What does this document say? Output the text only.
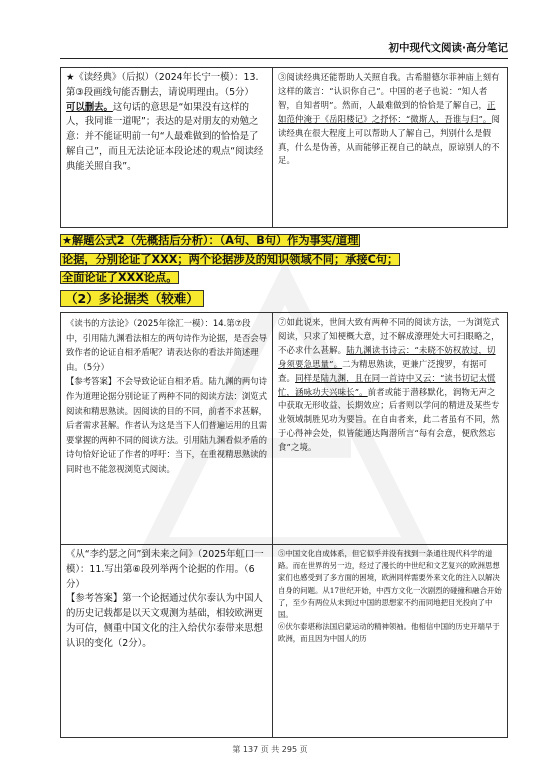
初中现代文阅读·高分笔记
★《读经典》（后拟）（2024年长宁一模）：13.第③段画线句能否删去，请说明理由。（5分）
可以删去。这句话的意思是“如果没有这样的人，我同谁一道呢”；表达的是对朋友的劝勉之意：并不能证明前一句“人最难做到的恰恰是了解自己”，而且无法论证本段论述的观点“阅读经典能关照自我”。
③阅读经典还能帮助人关照自我。古希腊德尔菲神庙上刻有这样的箴言：“认识你自己”。中国的老子也说：“知人者智，自知者明”。然而，人最难做到的恰恰是了解自己，正如范仲淹于《岳阳楼记》之抒怀：“微斯人，吾谁与归”。阅读经典在很大程度上可以帮助人了解自己，判别什么是假真，什么是伪善，从而能够正视自己的缺点，原谅别人的不足。
★解题公式2（先概括后分析）：（A句、B句）作为事实/道理
论据，分别论证了XXX；两个论据涉及的知识领域不同；承接C句；
全面论证了XXX论点。
（2）多论据类（较难）
《读书的方法论》（2025年徐汇一模）：14.第⑦段中，引用陆九渊看法相左的两句诗作为论据，是否会导致作者的论证自相矛盾呢？请表达你的看法并简述理由。（5分）
【参考答案】不会导致论证自相矛盾。陆九渊的两句诗作为道理论据分别论证了两种不同的阅读方法：浏览式阅读和精思熟读。因阅读的目的不同，前者不求甚解，后者需求甚解。作者认为这是当下人们普遍运用的且需要掌握的两种不同的阅读方法。引用陆九渊看似矛盾的诗句恰好论证了作者的呼吁：当下，在重视精思熟读的同时也不能忽视浏览式阅读。
⑦如此说来，世间大致有两种不同的阅读方法，一为浏览式阅读，只求了知梗概大意，过不解成潦理处大可扫眼略之，不必求什么甚解。陆九渊读书诗云：“未晓不妨权放过，切身须要急思量”。二为精思熟读，更兼广泛搜罗，有据可查。同样是陆九渊，且在同一首诗中又云：“读书切记太慌忙，涵咏功夫兴味长”。前者或能于潜移默化，润物无声之中获取无形收益、长期效应；后者则以学问的精进及某些专业领域制胜见功为要旨。在自由者来，此二者虽有不同，然于心得神会处，似皆能通达陶潜所言“每有会意，便欣然忘食”之境。
《从“李约瑟之问”到未来之问》（2025年虹口一模）：11.写出第⑥段列举两个论据的作用。（6分）
【参考答案】第一个论据通过伏尔泰认为中国人的历史记载都是以天文观测为基础，相较欧洲更为可信，侧重中国文化的注入给伏尔泰带来思想认识的变化（2分）。
⑤中国文化自成体系，但它似乎并没有找到一条通往现代科学的道路。而在世界的另一边，经过了漫长的中世纪和文艺复兴的欧洲思想家们也感受到了多方面的困境，欧洲同样需要外来文化的注入以解决自身的问题。从17世纪开始，中西方文化一次剧烈的碰撞和融合开始了，至少有两位从未到过中国的思想家不约而同地把目光投向了中国。
⑥伏尔泰堪称法国启蒙运动的精神领袖。他相信中国的历史开端早于欧洲，而且因为中国人的历
第 137 页 共 295 页
